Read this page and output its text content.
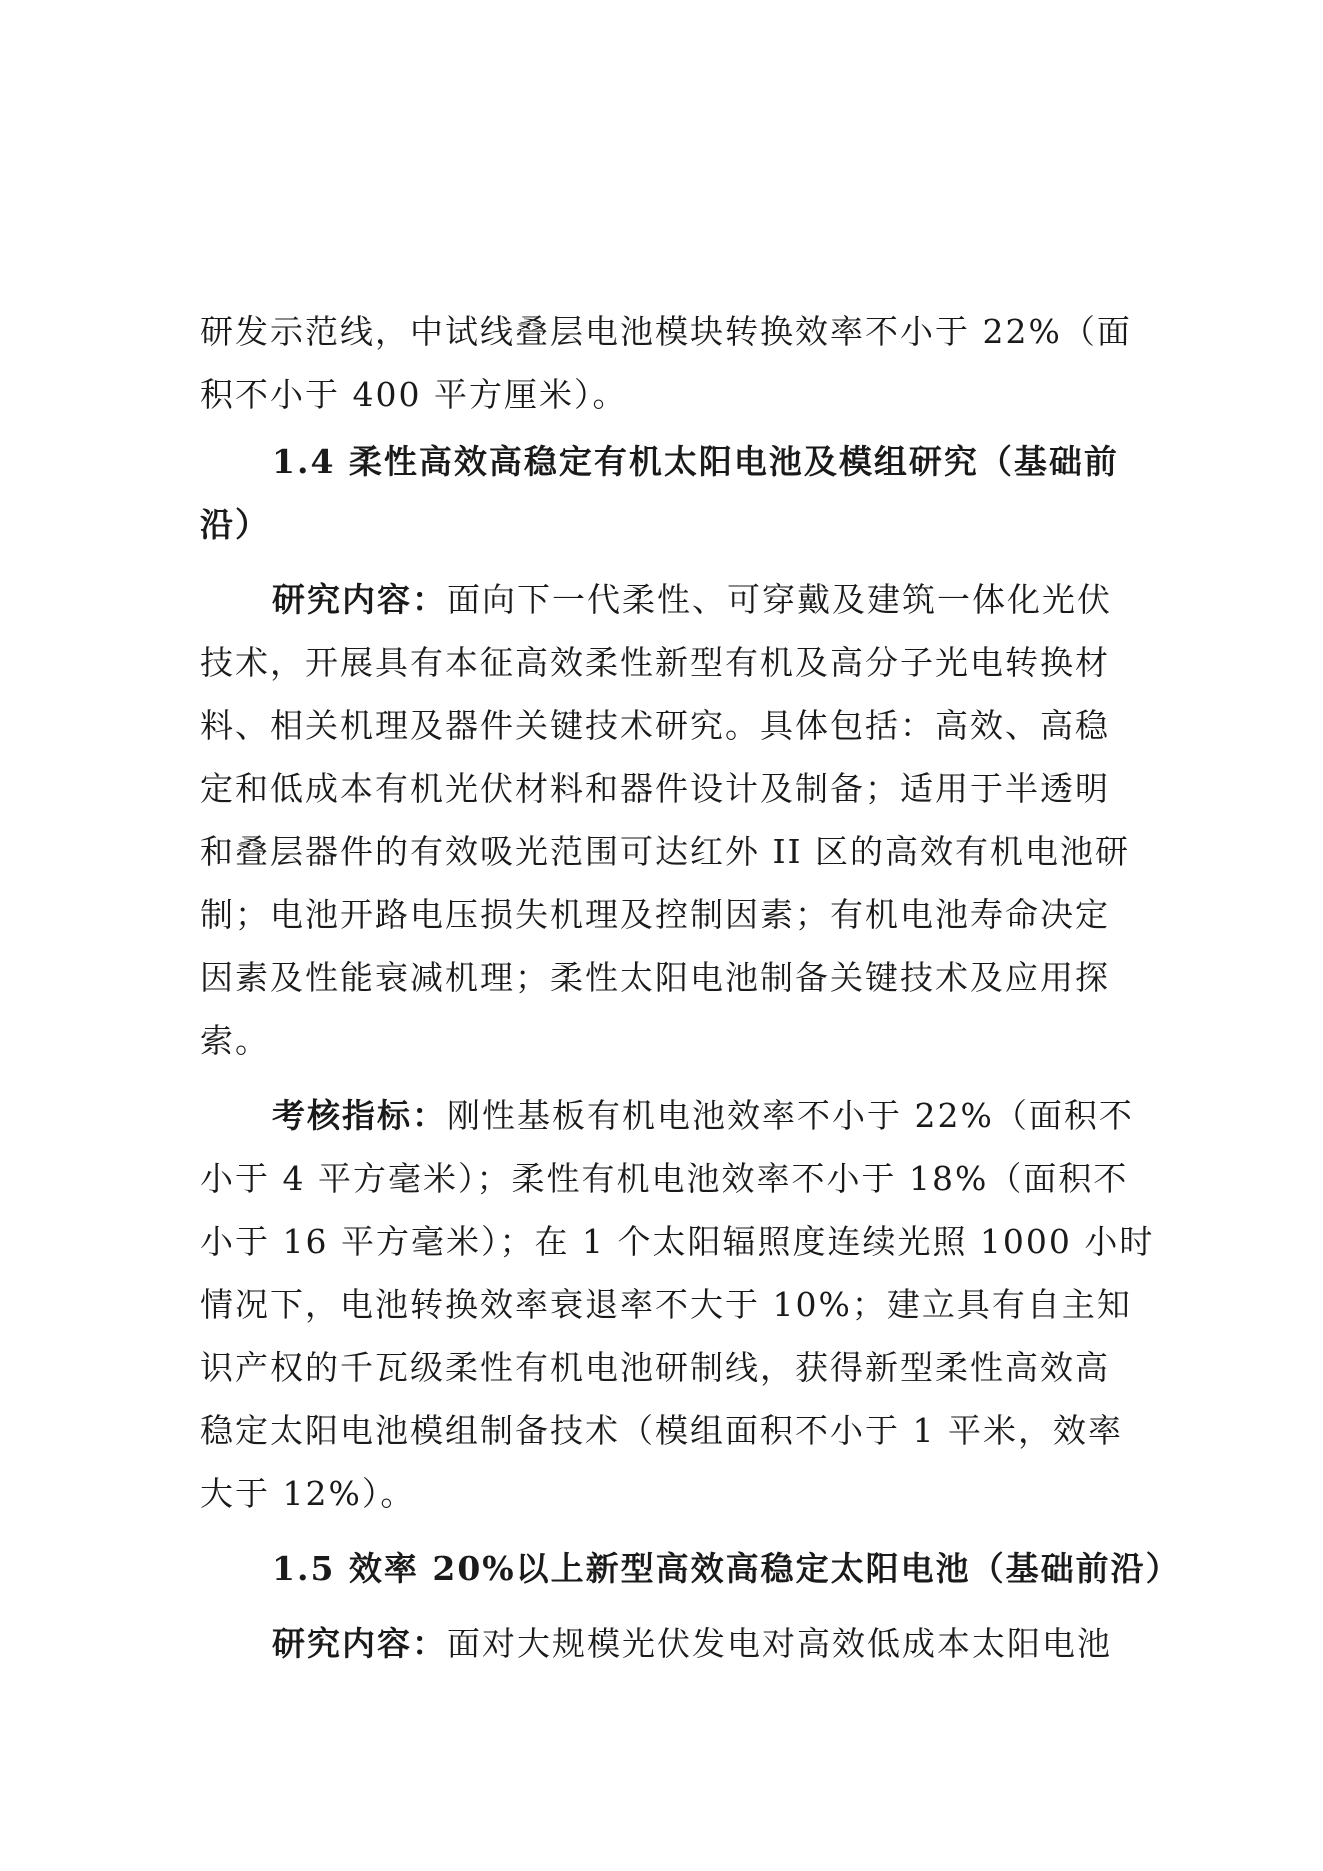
研发示范线，中试线叠层电池模块转换效率不小于 22%（面
积不小于 400 平方厘米）。

1.4 柔性高效高稳定有机太阳电池及模组研究（基础前
沿）

研究内容：面向下一代柔性、可穿戴及建筑一体化光伏
技术，开展具有本征高效柔性新型有机及高分子光电转换材
料、相关机理及器件关键技术研究。具体包括：高效、高稳
定和低成本有机光伏材料和器件设计及制备；适用于半透明
和叠层器件的有效吸光范围可达红外 II 区的高效有机电池研
制；电池开路电压损失机理及控制因素；有机电池寿命决定
因素及性能衰减机理；柔性太阳电池制备关键技术及应用探
索。

考核指标：刚性基板有机电池效率不小于 22%（面积不
小于 4 平方毫米）；柔性有机电池效率不小于 18%（面积不
小于 16 平方毫米）；在 1 个太阳辐照度连续光照 1000 小时
情况下，电池转换效率衰退率不大于 10%；建立具有自主知
识产权的千瓦级柔性有机电池研制线，获得新型柔性高效高
稳定太阳电池模组制备技术（模组面积不小于 1 平米，效率
大于 12%）。

1.5 效率 20%以上新型高效高稳定太阳电池（基础前沿）

研究内容：面对大规模光伏发电对高效低成本太阳电池
